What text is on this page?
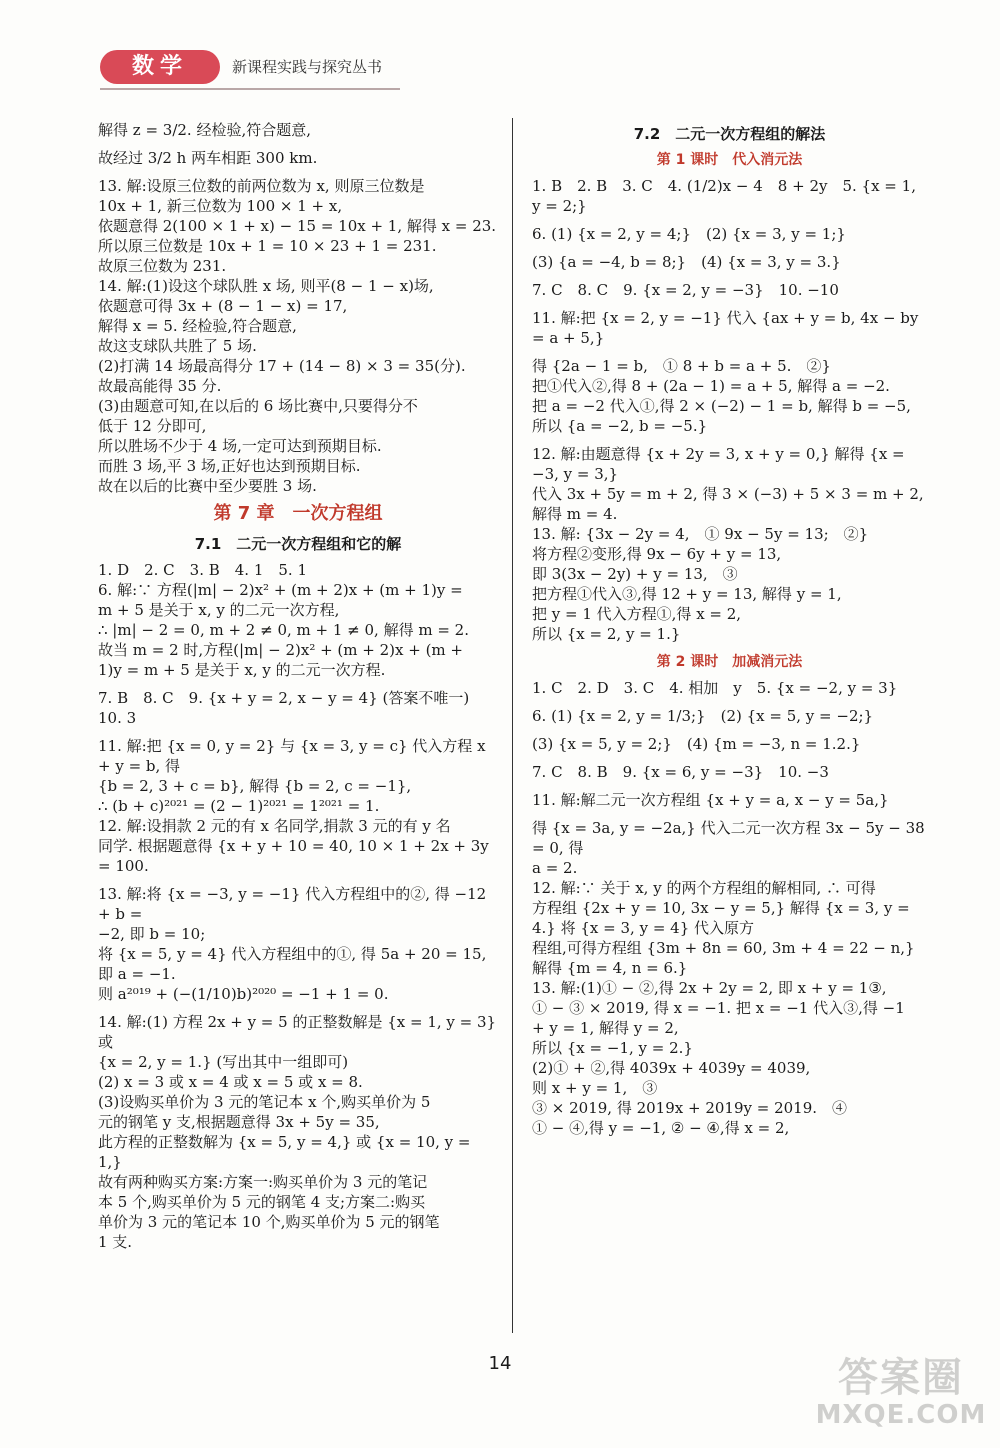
数学	新课程实践与探究丛书
解得 z = 3/2. 经检验,符合题意,
故经过 3/2 h 两车相距 300 km.
13. 解:设原三位数的前两位数为 x, 则原三位数是
10x + 1, 新三位数为 100 × 1 + x,
依题意得 2(100 × 1 + x) − 15 = 10x + 1, 解得 x = 23.
所以原三位数是 10x + 1 = 10 × 23 + 1 = 231.
故原三位数为 231.
14. 解:(1)设这个球队胜 x 场, 则平(8 − 1 − x)场,
依题意可得 3x + (8 − 1 − x) = 17,
解得 x = 5. 经检验,符合题意,
故这支球队共胜了 5 场.
(2)打满 14 场最高得分 17 + (14 − 8) × 3 = 35(分).
故最高能得 35 分.
(3)由题意可知,在以后的 6 场比赛中,只要得分不
低于 12 分即可,
所以胜场不少于 4 场,一定可达到预期目标.
而胜 3 场,平 3 场,正好也达到预期目标.
故在以后的比赛中至少要胜 3 场.
第 7 章　一次方程组
7.1　二元一次方程组和它的解
1. D　2. C　3. B　4. 1　5. 1
6. 解:∵ 方程(|m| − 2)x² + (m + 2)x + (m + 1)y =
m + 5 是关于 x, y 的二元一次方程,
∴ |m| − 2 = 0, m + 2 ≠ 0, m + 1 ≠ 0, 解得 m = 2.
故当 m = 2 时,方程(|m| − 2)x² + (m + 2)x + (m +
1)y = m + 5 是关于 x, y 的二元一次方程.
7. B　8. C　9. {x + y = 2, x − y = 4} (答案不唯一)　10. 3
11. 解:把 {x = 0, y = 2} 与 {x = 3, y = c} 代入方程 x + y = b, 得
{b = 2, 3 + c = b}, 解得 {b = 2, c = −1},
∴ (b + c)²⁰²¹ = (2 − 1)²⁰²¹ = 1²⁰²¹ = 1.
12. 解:设捐款 2 元的有 x 名同学,捐款 3 元的有 y 名
同学. 根据题意得 {x + y + 10 = 40, 10 × 1 + 2x + 3y = 100.
13. 解:将 {x = −3, y = −1} 代入方程组中的②, 得 −12 + b =
−2, 即 b = 10;
将 {x = 5, y = 4} 代入方程组中的①, 得 5a + 20 = 15, 即 a = −1.
则 a²⁰¹⁹ + (−(1/10)b)²⁰²⁰ = −1 + 1 = 0.
14. 解:(1) 方程 2x + y = 5 的正整数解是 {x = 1, y = 3} 或
{x = 2, y = 1.} (写出其中一组即可)
(2) x = 3 或 x = 4 或 x = 5 或 x = 8.
(3)设购买单价为 3 元的笔记本 x 个,购买单价为 5
元的钢笔 y 支,根据题意得 3x + 5y = 35,
此方程的正整数解为 {x = 5, y = 4,} 或 {x = 10, y = 1,}
故有两种购买方案:方案一:购买单价为 3 元的笔记
本 5 个,购买单价为 5 元的钢笔 4 支;方案二:购买
单价为 3 元的笔记本 10 个,购买单价为 5 元的钢笔
1 支.
7.2　二元一次方程组的解法
第 1 课时　代入消元法
1. B　2. B　3. C　4. (1/2)x − 4　8 + 2y　5. {x = 1, y = 2;}
6. (1) {x = 2, y = 4;}　(2) {x = 3, y = 1;}
(3) {a = −4, b = 8;}　(4) {x = 3, y = 3.}
7. C　8. C　9. {x = 2, y = −3}　10. −10
11. 解:把 {x = 2, y = −1} 代入 {ax + y = b, 4x − by = a + 5,}
得 {2a − 1 = b,　① 8 + b = a + 5.　②}
把①代入②,得 8 + (2a − 1) = a + 5, 解得 a = −2.
把 a = −2 代入①,得 2 × (−2) − 1 = b, 解得 b = −5,
所以 {a = −2, b = −5.}
12. 解:由题意得 {x + 2y = 3, x + y = 0,} 解得 {x = −3, y = 3,}
代入 3x + 5y = m + 2, 得 3 × (−3) + 5 × 3 = m + 2,
解得 m = 4.
13. 解: {3x − 2y = 4,　① 9x − 5y = 13;　②}
将方程②变形,得 9x − 6y + y = 13,
即 3(3x − 2y) + y = 13,　③
把方程①代入③,得 12 + y = 13, 解得 y = 1,
把 y = 1 代入方程①,得 x = 2,
所以 {x = 2, y = 1.}
第 2 课时　加减消元法
1. C　2. D　3. C　4. 相加　y　5. {x = −2, y = 3}
6. (1) {x = 2, y = 1/3;}　(2) {x = 5, y = −2;}
(3) {x = 5, y = 2;}　(4) {m = −3, n = 1.2.}
7. C　8. B　9. {x = 6, y = −3}　10. −3
11. 解:解二元一次方程组 {x + y = a, x − y = 5a,}
得 {x = 3a, y = −2a,} 代入二元一次方程 3x − 5y − 38 = 0, 得
a = 2.
12. 解:∵ 关于 x, y 的两个方程组的解相同, ∴ 可得
方程组 {2x + y = 10, 3x − y = 5,} 解得 {x = 3, y = 4.} 将 {x = 3, y = 4} 代入原方
程组,可得方程组 {3m + 8n = 60, 3m + 4 = 22 − n,} 解得 {m = 4, n = 6.}
13. 解:(1)① − ②,得 2x + 2y = 2, 即 x + y = 1③,
① − ③ × 2019, 得 x = −1. 把 x = −1 代入③,得 −1
+ y = 1, 解得 y = 2,
所以 {x = −1, y = 2.}
(2)① + ②,得 4039x + 4039y = 4039,
则 x + y = 1,　③
③ × 2019, 得 2019x + 2019y = 2019.　④
① − ④,得 y = −1, ② − ④,得 x = 2,
14	答案圈
MXQE.COM
